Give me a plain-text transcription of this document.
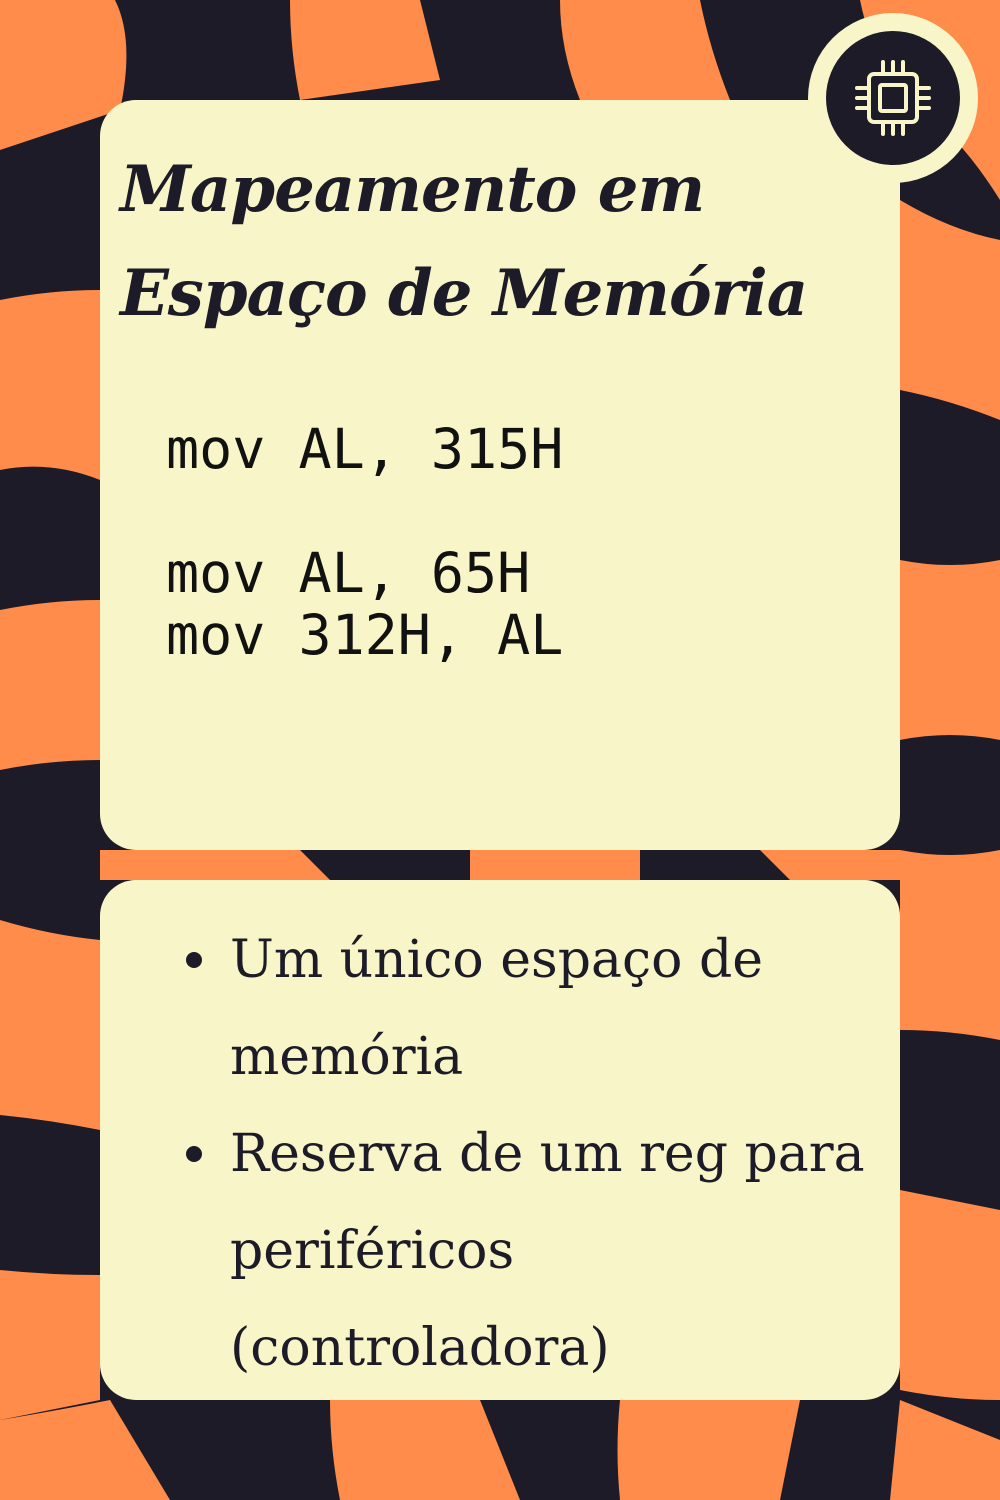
Mapeamento em Espaço de Memória
mov AL, 315H
mov AL, 65H
mov 312H, AL
Um único espaço de memória
Reserva de um reg para periféricos (controladora)
